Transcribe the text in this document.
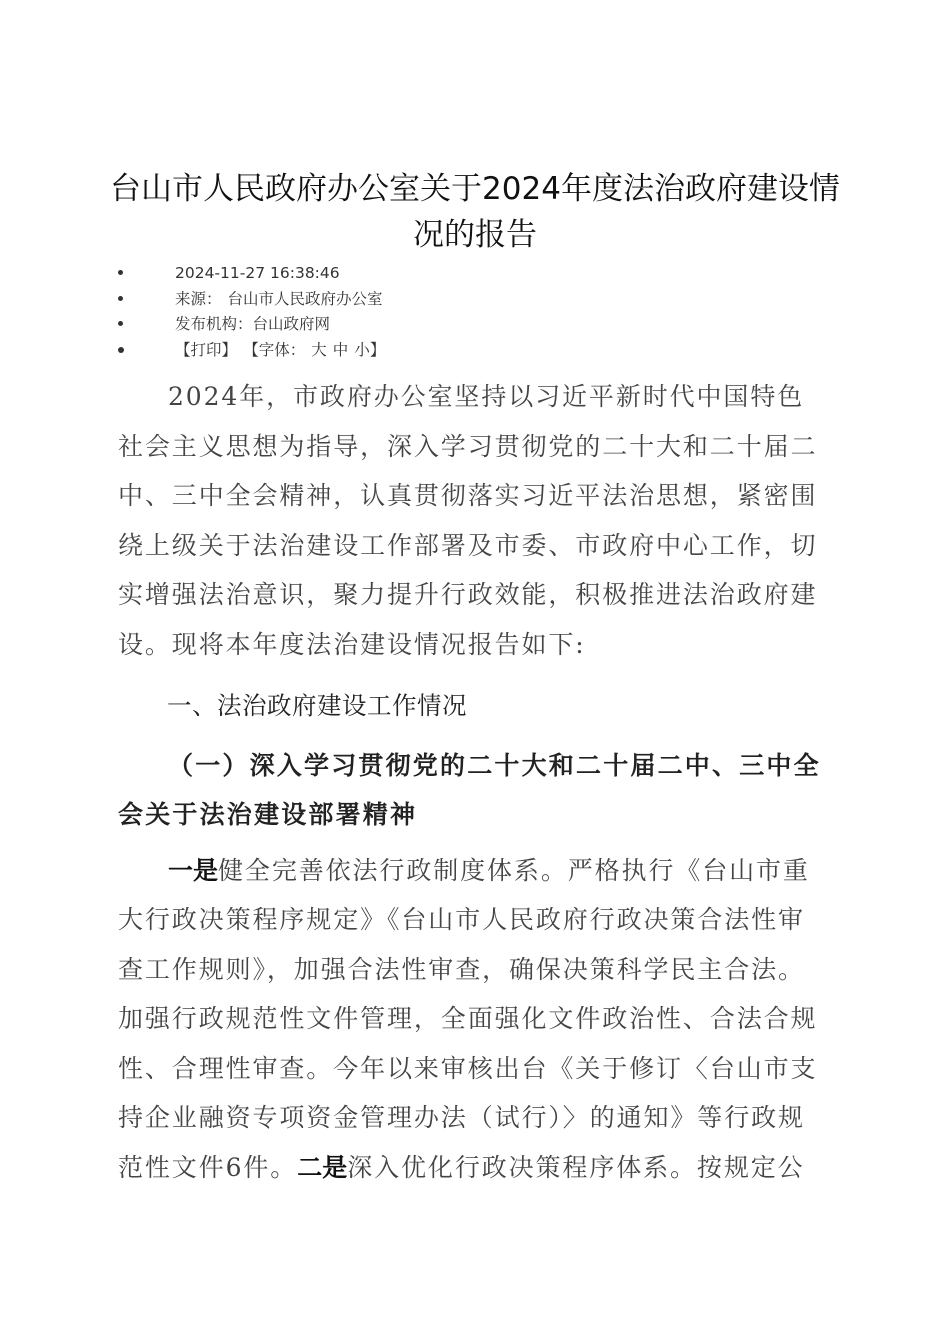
台山市人民政府办公室关于2024年度法治政府建设情况的报告
2024-11-27 16:38:46
来源： 台山市人民政府办公室
发布机构：台山政府网
【打印】 【字体： 大 中 小】

2024年，市政府办公室坚持以习近平新时代中国特色社会主义思想为指导，深入学习贯彻党的二十大和二十届二中、三中全会精神，认真贯彻落实习近平法治思想，紧密围绕上级关于法治建设工作部署及市委、市政府中心工作，切实增强法治意识，聚力提升行政效能，积极推进法治政府建设。现将本年度法治建设情况报告如下:

一、法治政府建设工作情况

（一）深入学习贯彻党的二十大和二十届二中、三中全会关于法治建设部署精神

一是健全完善依法行政制度体系。严格执行《台山市重大行政决策程序规定》《台山市人民政府行政决策合法性审查工作规则》，加强合法性审查，确保决策科学民主合法。加强行政规范性文件管理，全面强化文件政治性、合法合规性、合理性审查。今年以来审核出台《关于修订〈台山市支持企业融资专项资金管理办法（试行）〉的通知》等行政规范性文件6件。二是深入优化行政决策程序体系。按规定公
